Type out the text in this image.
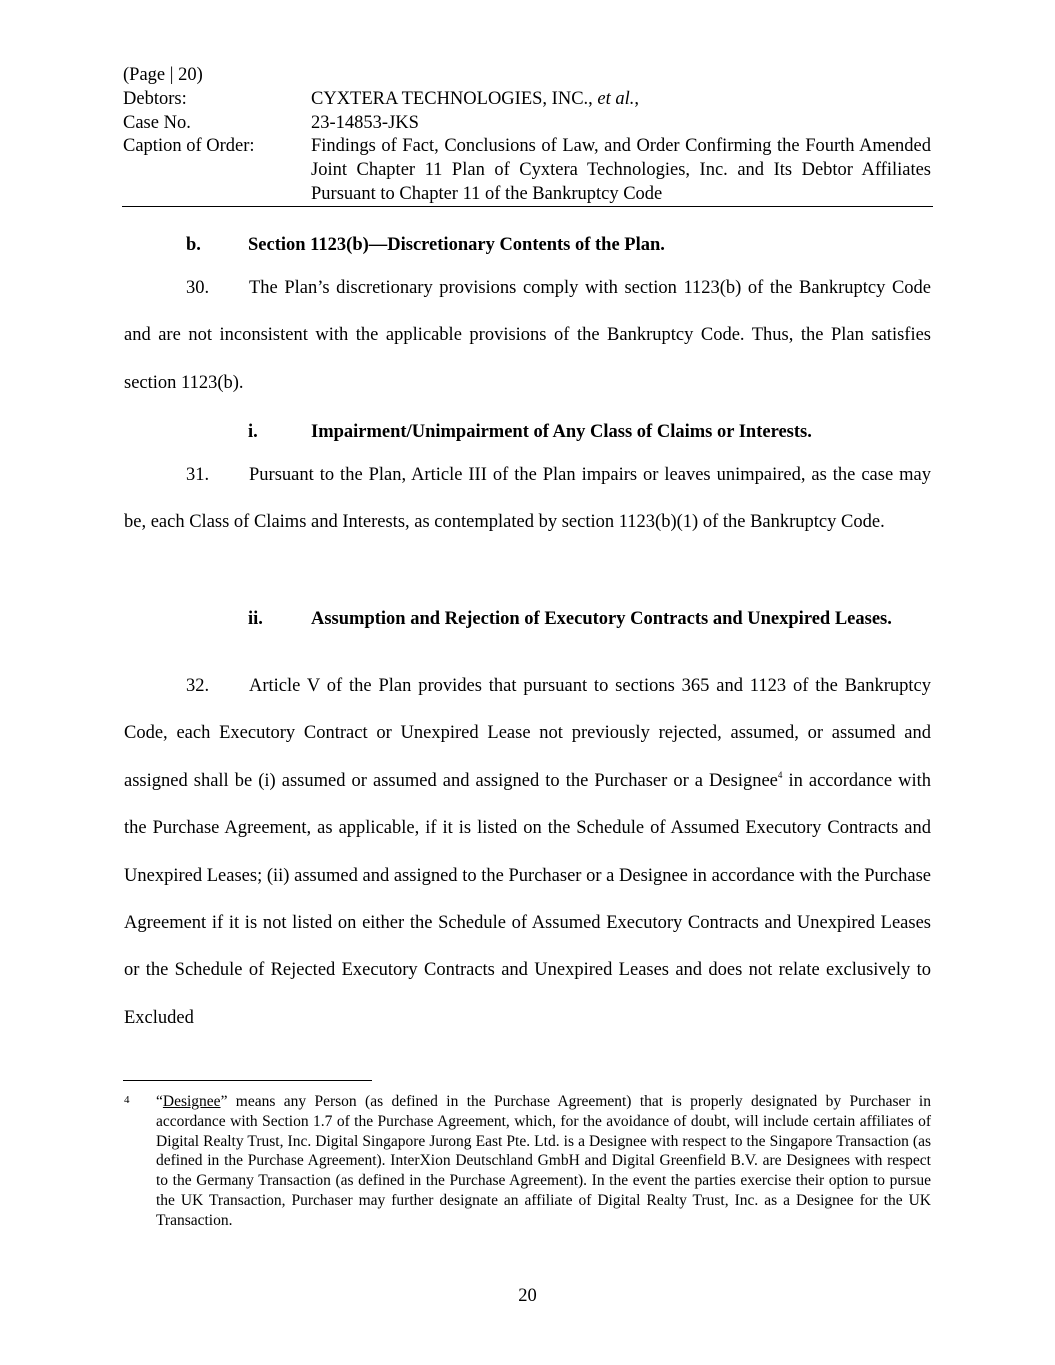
(Page | 20)
Debtors:	CYXTERA TECHNOLOGIES, INC., et al.,
Case No.	23-14853-JKS
Caption of Order:	Findings of Fact, Conclusions of Law, and Order Confirming the Fourth Amended Joint Chapter 11 Plan of Cyxtera Technologies, Inc. and Its Debtor Affiliates Pursuant to Chapter 11 of the Bankruptcy Code
b.	Section 1123(b)—Discretionary Contents of the Plan.
30. The Plan’s discretionary provisions comply with section 1123(b) of the Bankruptcy Code and are not inconsistent with the applicable provisions of the Bankruptcy Code. Thus, the Plan satisfies section 1123(b).
i.	Impairment/Unimpairment of Any Class of Claims or Interests.
31. Pursuant to the Plan, Article III of the Plan impairs or leaves unimpaired, as the case may be, each Class of Claims and Interests, as contemplated by section 1123(b)(1) of the Bankruptcy Code.
ii.	Assumption and Rejection of Executory Contracts and Unexpired Leases.
32. Article V of the Plan provides that pursuant to sections 365 and 1123 of the Bankruptcy Code, each Executory Contract or Unexpired Lease not previously rejected, assumed, or assumed and assigned shall be (i) assumed or assumed and assigned to the Purchaser or a Designee$^4$ in accordance with the Purchase Agreement, as applicable, if it is listed on the Schedule of Assumed Executory Contracts and Unexpired Leases; (ii) assumed and assigned to the Purchaser or a Designee in accordance with the Purchase Agreement if it is not listed on either the Schedule of Assumed Executory Contracts and Unexpired Leases or the Schedule of Rejected Executory Contracts and Unexpired Leases and does not relate exclusively to Excluded
4 “Designee” means any Person (as defined in the Purchase Agreement) that is properly designated by Purchaser in accordance with Section 1.7 of the Purchase Agreement, which, for the avoidance of doubt, will include certain affiliates of Digital Realty Trust, Inc. Digital Singapore Jurong East Pte. Ltd. is a Designee with respect to the Singapore Transaction (as defined in the Purchase Agreement). InterXion Deutschland GmbH and Digital Greenfield B.V. are Designees with respect to the Germany Transaction (as defined in the Purchase Agreement). In the event the parties exercise their option to pursue the UK Transaction, Purchaser may further designate an affiliate of Digital Realty Trust, Inc. as a Designee for the UK Transaction.
20
